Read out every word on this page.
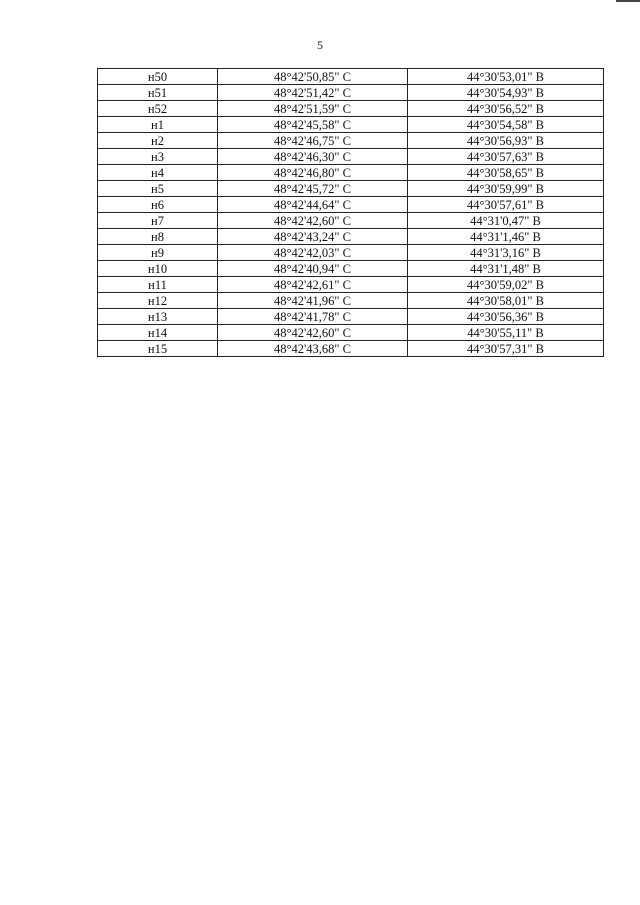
5
н50	48°42'50,85" С	44°30'53,01" В
н51	48°42'51,42" С	44°30'54,93" В
н52	48°42'51,59" С	44°30'56,52" В
н1	48°42'45,58" С	44°30'54,58" В
н2	48°42'46,75" С	44°30'56,93" В
н3	48°42'46,30" С	44°30'57,63" В
н4	48°42'46,80" С	44°30'58,65" В
н5	48°42'45,72" С	44°30'59,99" В
н6	48°42'44,64" С	44°30'57,61" В
н7	48°42'42,60" С	44°31'0,47" В
н8	48°42'43,24" С	44°31'1,46" В
н9	48°42'42,03" С	44°31'3,16" В
н10	48°42'40,94" С	44°31'1,48" В
н11	48°42'42,61" С	44°30'59,02" В
н12	48°42'41,96" С	44°30'58,01" В
н13	48°42'41,78" С	44°30'56,36" В
н14	48°42'42,60" С	44°30'55,11" В
н15	48°42'43,68" С	44°30'57,31" В
